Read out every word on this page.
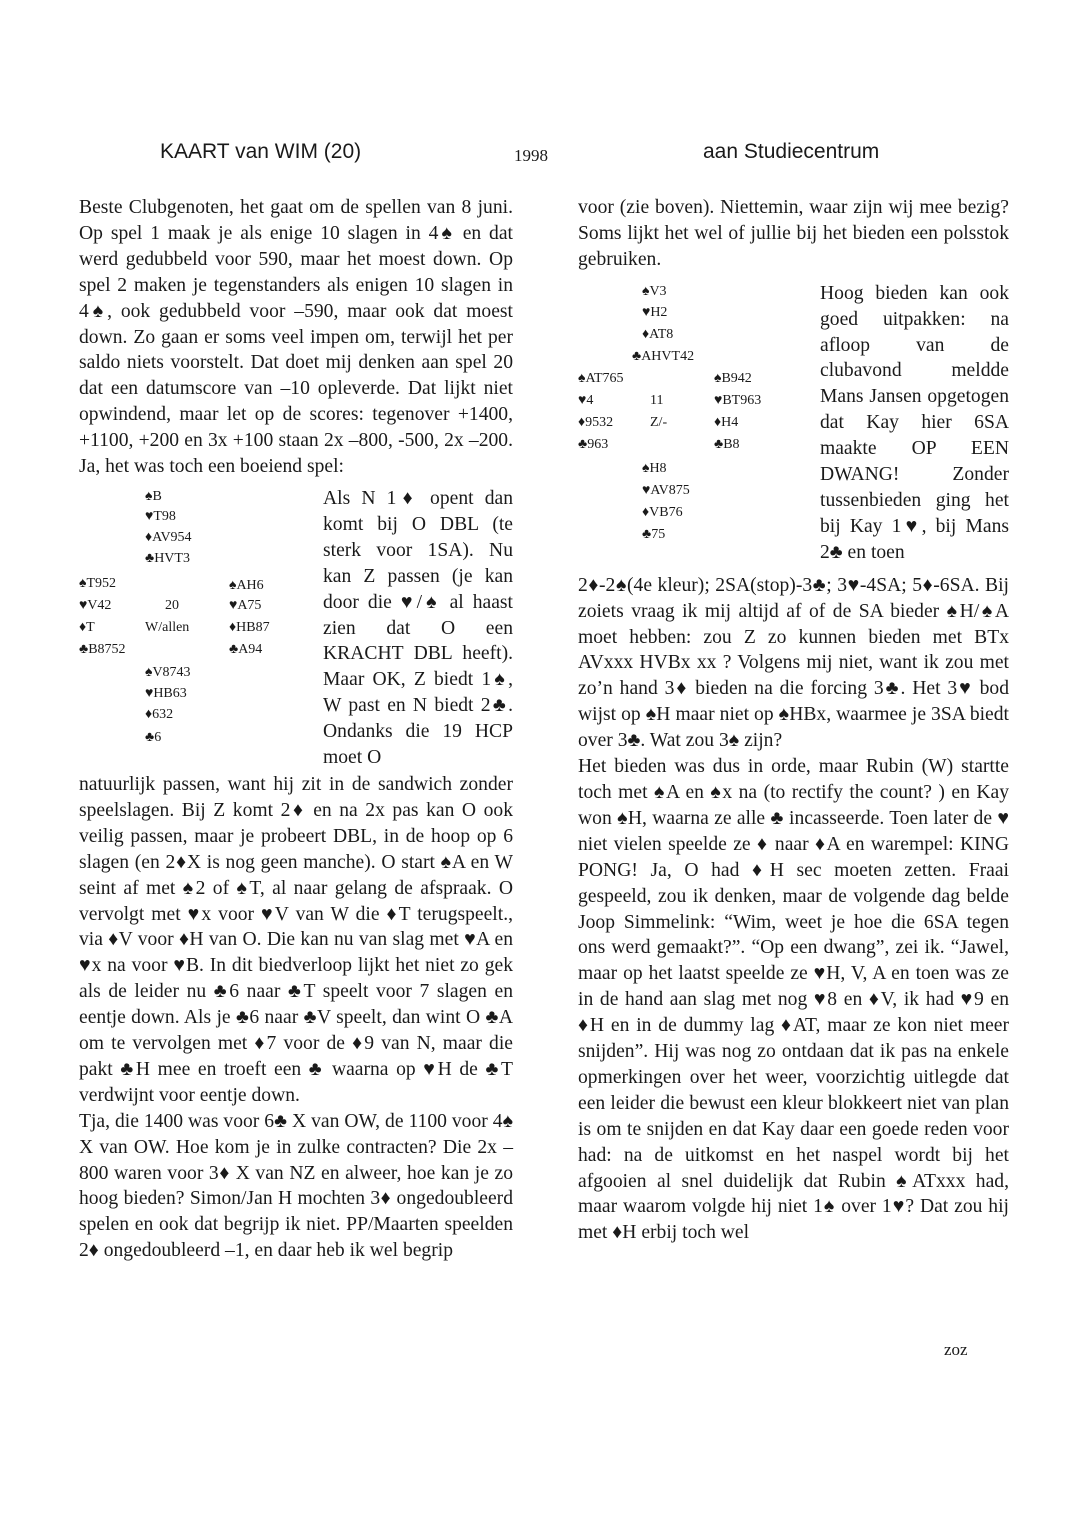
KAART van WIM (20)	1998	aan Studiecentrum

Beste Clubgenoten, het gaat om de spellen van 8 juni. Op spel 1 maak je als enige 10 slagen in 4♠ en dat werd gedubbeld voor 590, maar het moest down. Op spel 2 maken je tegenstanders als enigen 10 slagen in 4♠, ook gedubbeld voor –590, maar ook dat moest down. Zo gaan er soms veel impen om, terwijl het per saldo niets voorstelt. Dat doet mij denken aan spel 20 dat een datumscore van –10 opleverde. Dat lijkt niet opwindend, maar let op de scores: tegenover +1400, +1100, +200 en 3x +100 staan 2x –800, -500, 2x –200. Ja, het was toch een boeiend spel:

♠B
♥T98
♦AV954
♣HVT3
♠T952
♥V42
♦T
♣B8752
20
W/allen
♠AH6
♥A75
♦HB87
♣A94
♠V8743
♥HB63
♦632
♣6
Als N 1♦ opent dan komt bij O DBL (te sterk voor 1SA). Nu kan Z passen (je kan door die ♥/♠ al haast zien dat O een KRACHT DBL heeft). Maar OK, Z biedt 1♠, W past en N biedt 2♣. Ondanks die 19 HCP moet O

natuurlijk passen, want hij zit in de sandwich zonder speelslagen. Bij Z komt 2♦ en na 2x pas kan O ook veilig passen, maar je probeert DBL, in de hoop op 6 slagen (en 2♦X is nog geen manche). O start ♠A en W seint af met ♠2 of ♠T, al naar gelang de afspraak. O vervolgt met ♥x voor ♥V van W die ♦T terugspeelt., via ♦V voor ♦H van O. Die kan nu van slag met ♥A en ♥x na voor ♥B. In dit biedverloop lijkt het niet zo gek als de leider nu ♣6 naar ♣T speelt voor 7 slagen en eentje down. Als je ♣6 naar ♣V speelt, dan wint O ♣A om te vervolgen met ♦7 voor de ♦9 van N, maar die pakt ♣H mee en troeft een ♣ waarna op ♥H de ♣T verdwijnt voor eentje down.

Tja, die 1400 was voor 6♣ X van OW, de 1100 voor 4♠ X van OW. Hoe kom je in zulke contracten? Die 2x –800 waren voor 3♦ X van NZ en alweer, hoe kan je zo hoog bieden? Simon/Jan H mochten 3♦ ongedoubleerd spelen en ook dat begrijp ik niet. PP/Maarten speelden 2♦ ongedoubleerd –1, en daar heb ik wel begrip

voor (zie boven). Niettemin, waar zijn wij mee bezig? Soms lijkt het wel of jullie bij het bieden een polsstok gebruiken.

♠V3
♥H2
♦AT8
♣AHVT42
♠AT765
♥4
♦9532
♣963
11
Z/-
♠B942
♥BT963
♦H4
♣B8
♠H8
♥AV875
♦VB76
♣75
Hoog bieden kan ook goed uitpakken: na afloop van de clubavond meldde Mans Jansen opgetogen dat Kay hier 6SA maakte OP EEN DWANG! Zonder tussenbieden ging het bij Kay 1♥, bij Mans 2♣ en toen

2♦-2♠(4e kleur); 2SA(stop)-3♣; 3♥-4SA; 5♦-6SA. Bij zoiets vraag ik mij altijd af of de SA bieder ♠H/♠A moet hebben: zou Z zo kunnen bieden met BTx AVxxx HVBx xx ? Volgens mij niet, want ik zou met zo’n hand 3♦ bieden na die forcing 3♣. Het 3♥ bod wijst op ♠H maar niet op ♠HBx, waarmee je 3SA biedt over 3♣. Wat zou 3♠ zijn?

Het bieden was dus in orde, maar Rubin (W) startte toch met ♠A en ♠x na (to rectify the count? ) en Kay won ♠H, waarna ze alle ♣ incasseerde. Toen later de ♥ niet vielen speelde ze ♦ naar ♦A en warempel: KING PONG! Ja, O had ♦H sec moeten zetten. Fraai gespeeld, zou ik denken, maar de volgende dag belde Joop Simmelink: “Wim, weet je hoe die 6SA tegen ons werd gemaakt?”. “Op een dwang”, zei ik. “Jawel, maar op het laatst speelde ze ♥H, V, A en toen was ze in de hand aan slag met nog ♥8 en ♦V, ik had ♥9 en ♦H en in de dummy lag ♦AT, maar ze kon niet meer snijden”. Hij was nog zo ontdaan dat ik pas na enkele opmerkingen over het weer, voorzichtig uitlegde dat een leider die bewust een kleur blokkeert niet van plan is om te snijden en dat Kay daar een goede reden voor had: na de uitkomst en het naspel wordt bij het afgooien al snel duidelijk dat Rubin ♠ATxxx had, maar waarom volgde hij niet 1♠ over 1♥? Dat zou hij met ♦H erbij toch wel

zoz
